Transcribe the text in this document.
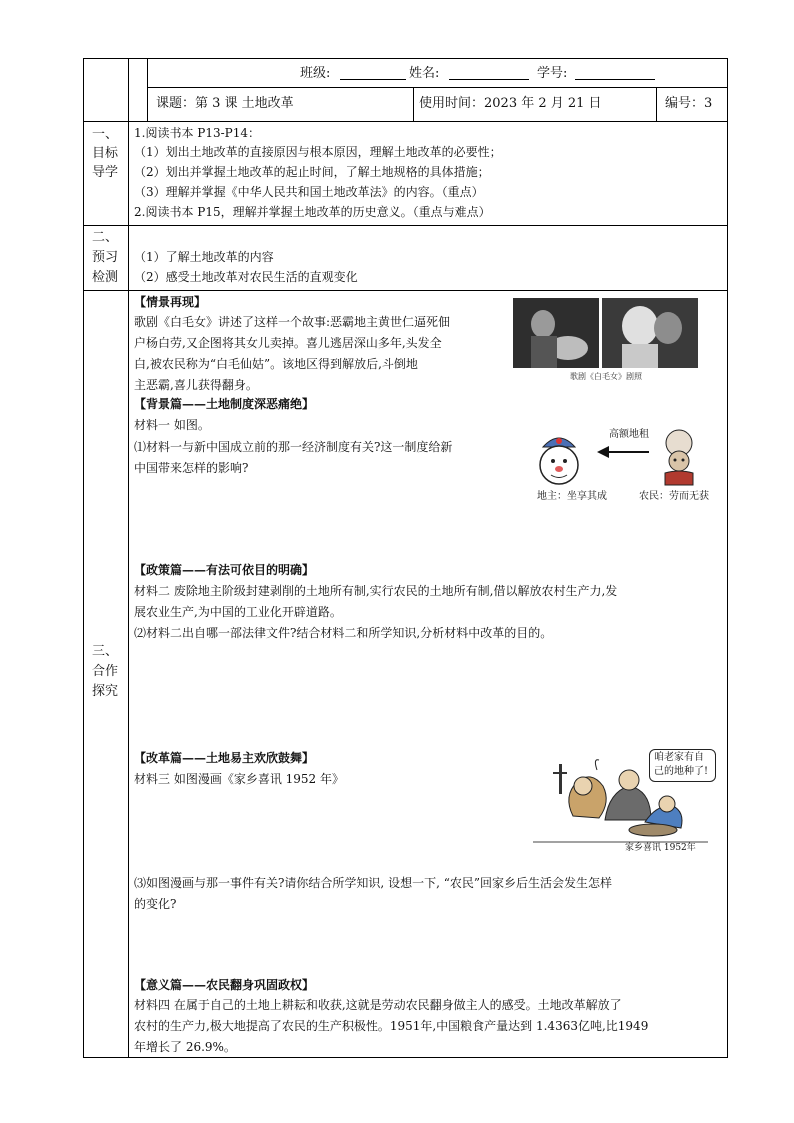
班级:	姓名:	学号:
课题：第 3 课 土地改革	使用时间：2023 年 2 月 21 日	编号：3
一、
目标
导学
1.阅读书本 P13-P14：
（1）划出土地改革的直接原因与根本原因，理解土地改革的必要性；
（2）划出并掌握土地改革的起止时间，了解土地规格的具体措施；
（3）理解并掌握《中华人民共和国土地改革法》的内容。（重点）
2.阅读书本 P15，理解并掌握土地改革的历史意义。（重点与难点）
二、
预习
检测
（1）了解土地改革的内容
（2）感受土地改革对农民生活的直观变化
三、
合作
探究
【情景再现】
歌剧《白毛女》讲述了这样一个故事:恶霸地主黄世仁逼死佃
户杨白劳,又企图将其女儿卖掉。喜儿逃居深山多年,头发全
白,被农民称为“白毛仙姑”。该地区得到解放后,斗倒地
主恶霸,喜儿获得翻身。
歌剧《白毛女》剧照
【背景篇——土地制度深恶痛绝】
材料一 如图。
⑴材料一与新中国成立前的那一经济制度有关?这一制度给新
中国带来怎样的影响?
高额地租
地主：坐享其成	农民：劳而无获
【政策篇——有法可依目的明确】
材料二 废除地主阶级封建剥削的土地所有制,实行农民的土地所有制,借以解放农村生产力,发
展农业生产,为中国的工业化开辟道路。
⑵材料二出自哪一部法律文件?结合材料二和所学知识,分析材料中改革的目的。
【改革篇——土地易主欢欣鼓舞】
材料三 如图漫画《家乡喜讯 1952 年》
咱老家有自
己的地种了!
家乡喜讯 1952年
⑶如图漫画与那一事件有关?请你结合所学知识, 设想一下, “农民”回家乡后生活会发生怎样
的变化?
【意义篇——农民翻身巩固政权】
材料四 在属于自己的土地上耕耘和收获,这就是劳动农民翻身做主人的感受。土地改革解放了
农村的生产力,极大地提高了农民的生产积极性。1951年,中国粮食产量达到 1.4363亿吨,比1949
年增长了 26.9%。
